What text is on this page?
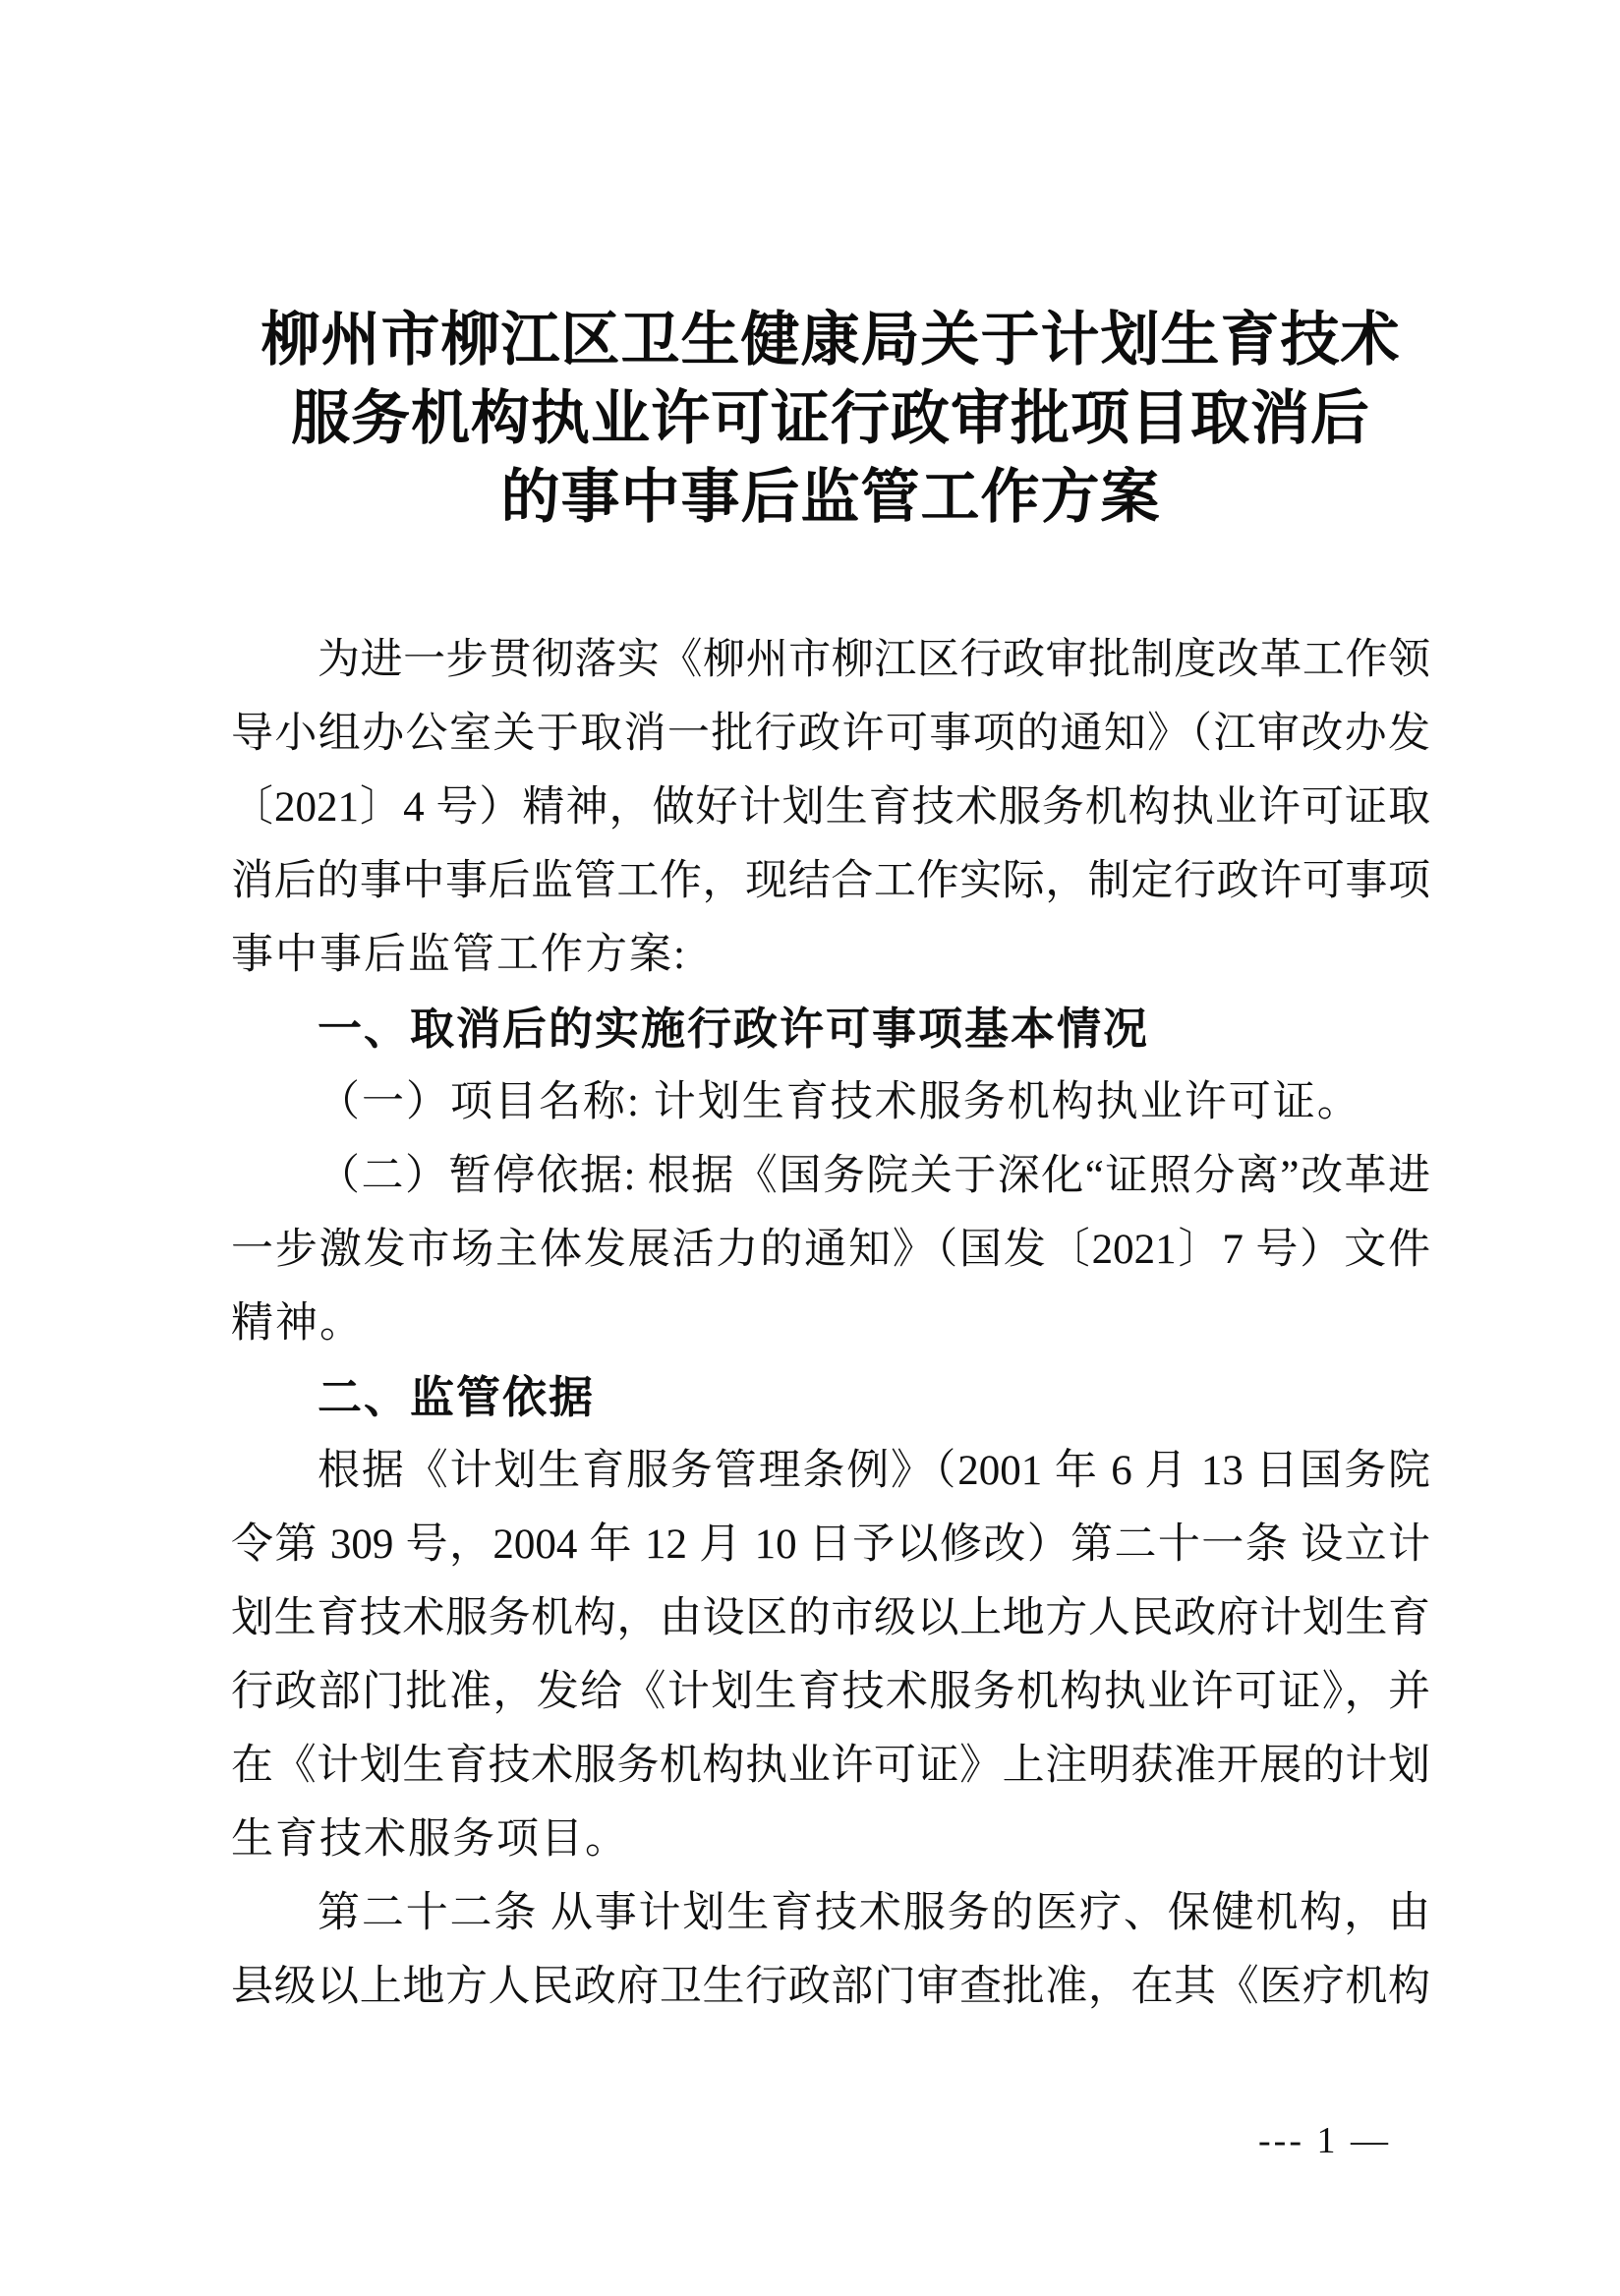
柳州市柳江区卫生健康局关于计划生育技术
服务机构执业许可证行政审批项目取消后
的事中事后监管工作方案
为进一步贯彻落实《柳州市柳江区行政审批制度改革工作领
导小组办公室关于取消一批行政许可事项的通知》（江审改办发
〔2021〕4 号）精神，做好计划生育技术服务机构执业许可证取
消后的事中事后监管工作，现结合工作实际，制定行政许可事项
事中事后监管工作方案:
一、取消后的实施行政许可事项基本情况
（一）项目名称: 计划生育技术服务机构执业许可证。
（二）暂停依据: 根据《国务院关于深化“证照分离”改革进
一步激发市场主体发展活力的通知》（国发〔2021〕7 号）文件
精神。
二、监管依据
根据《计划生育服务管理条例》（2001 年 6 月 13 日国务院
令第 309 号，2004 年 12 月 10 日予以修改）第二十一条 设立计
划生育技术服务机构，由设区的市级以上地方人民政府计划生育
行政部门批准，发给《计划生育技术服务机构执业许可证》，并
在《计划生育技术服务机构执业许可证》上注明获准开展的计划
生育技术服务项目。
第二十二条 从事计划生育技术服务的医疗、保健机构，由
县级以上地方人民政府卫生行政部门审查批准，在其《医疗机构
--- 1 —
